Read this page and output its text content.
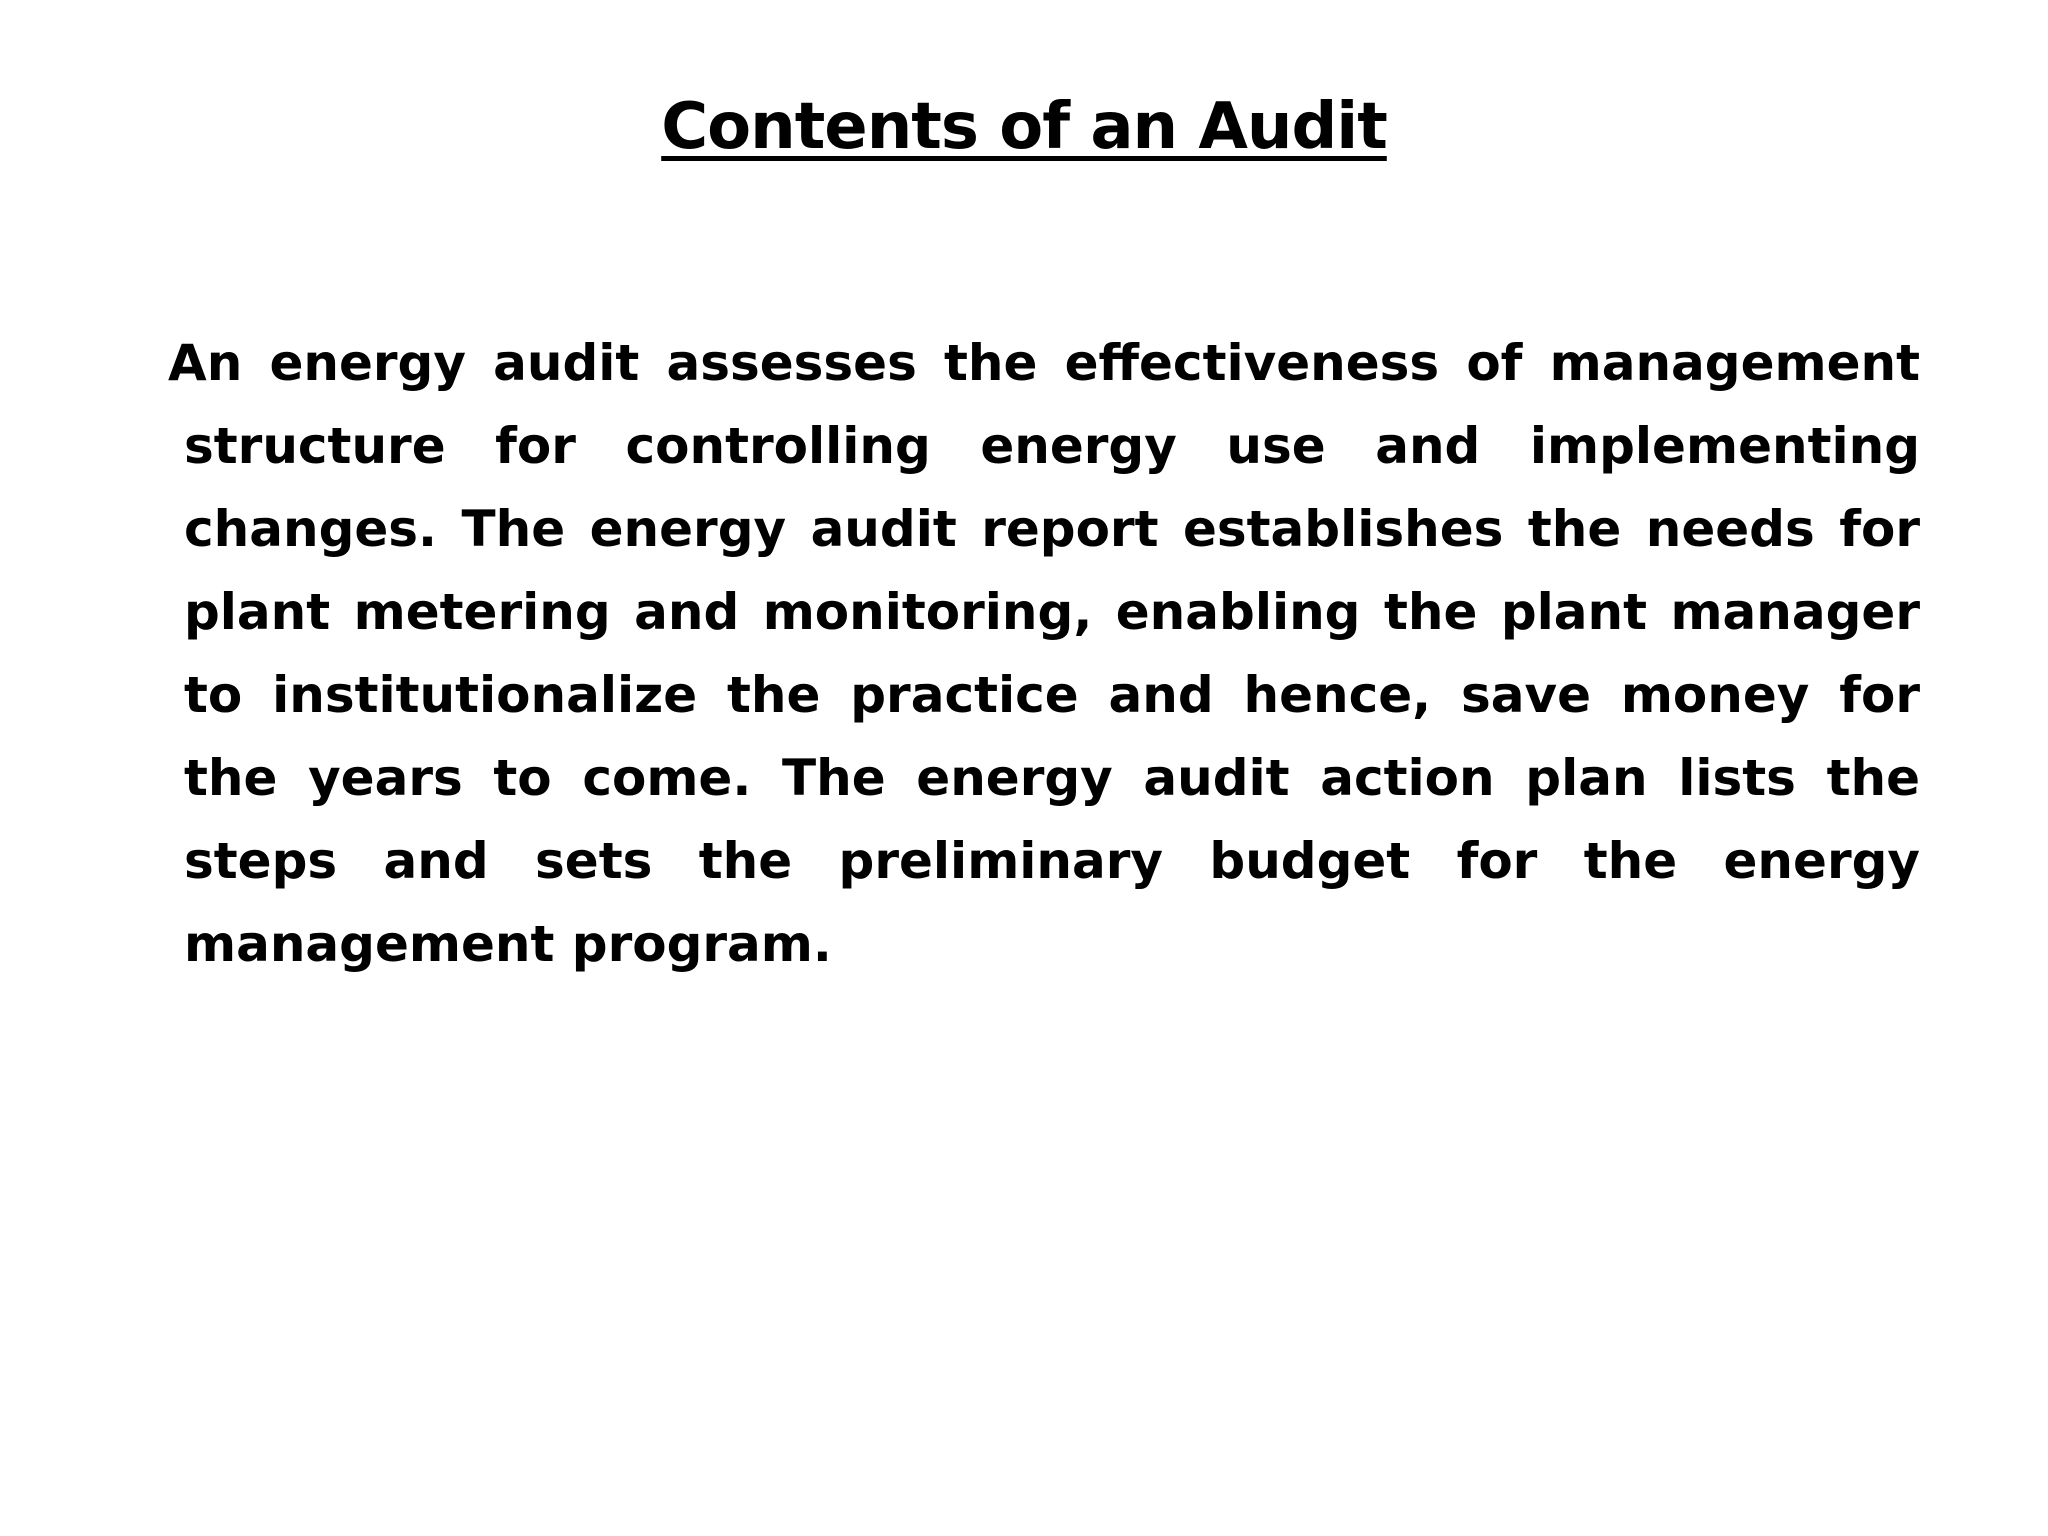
Contents of an Audit
An energy audit assesses the effectiveness of management
structure for controlling energy use and implementing
changes. The energy audit report establishes the needs for
plant metering and monitoring, enabling the plant manager
to institutionalize the practice and hence, save money for
the years to come. The energy audit action plan lists the
steps and sets the preliminary budget for the energy
management program.
